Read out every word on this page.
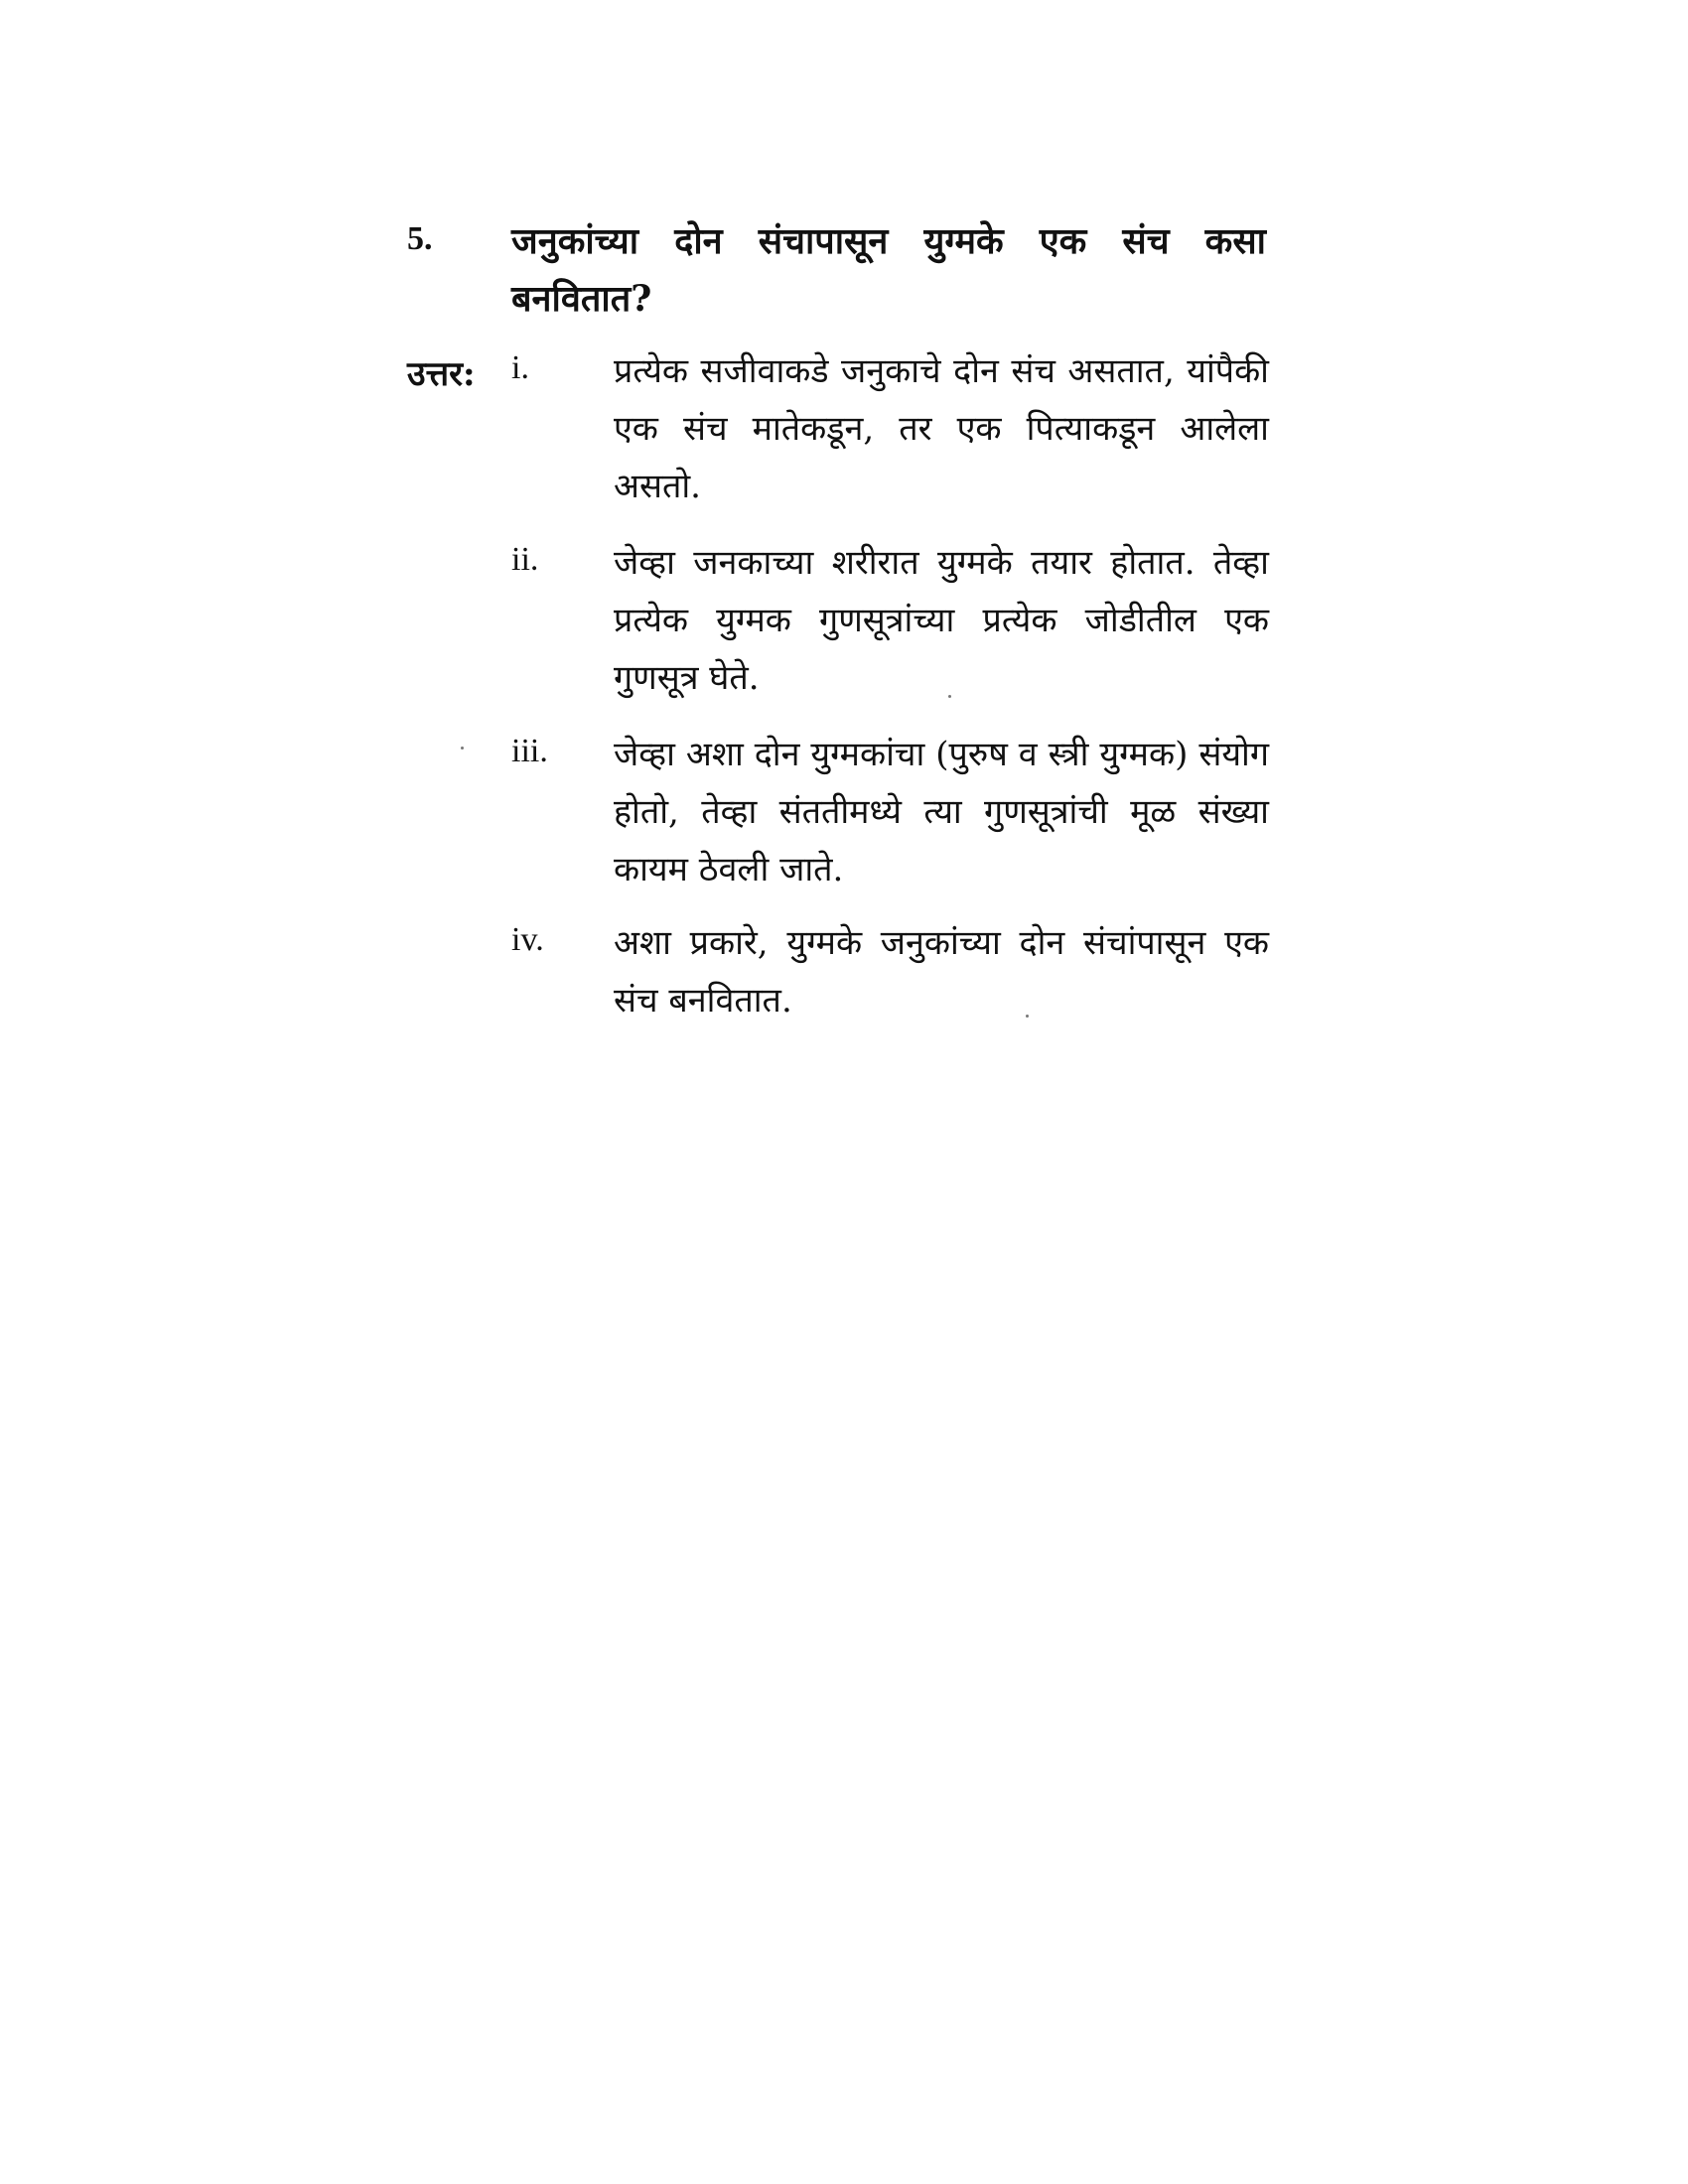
5. जनुकांच्या दोन संचापासून युग्मके एक संच कसा बनवितात?
उत्तर: i.	प्रत्येक सजीवाकडे जनुकाचे दोन संच असतात, यांपैकी एक संच मातेकडून, तर एक पित्याकडून आलेला असतो.
ii. जेव्हा जनकाच्या शरीरात युग्मके तयार होतात. तेव्हा प्रत्येक युग्मक गुणसूत्रांच्या प्रत्येक जोडीतील एक गुणसूत्र घेते.
iii. जेव्हा अशा दोन युग्मकांचा (पुरुष व स्त्री युग्मक) संयोग होतो, तेव्हा संततीमध्ये त्या गुणसूत्रांची मूळ संख्या कायम ठेवली जाते.
iv. अशा प्रकारे, युग्मके जनुकांच्या दोन संचांपासून एक संच बनवितात.
